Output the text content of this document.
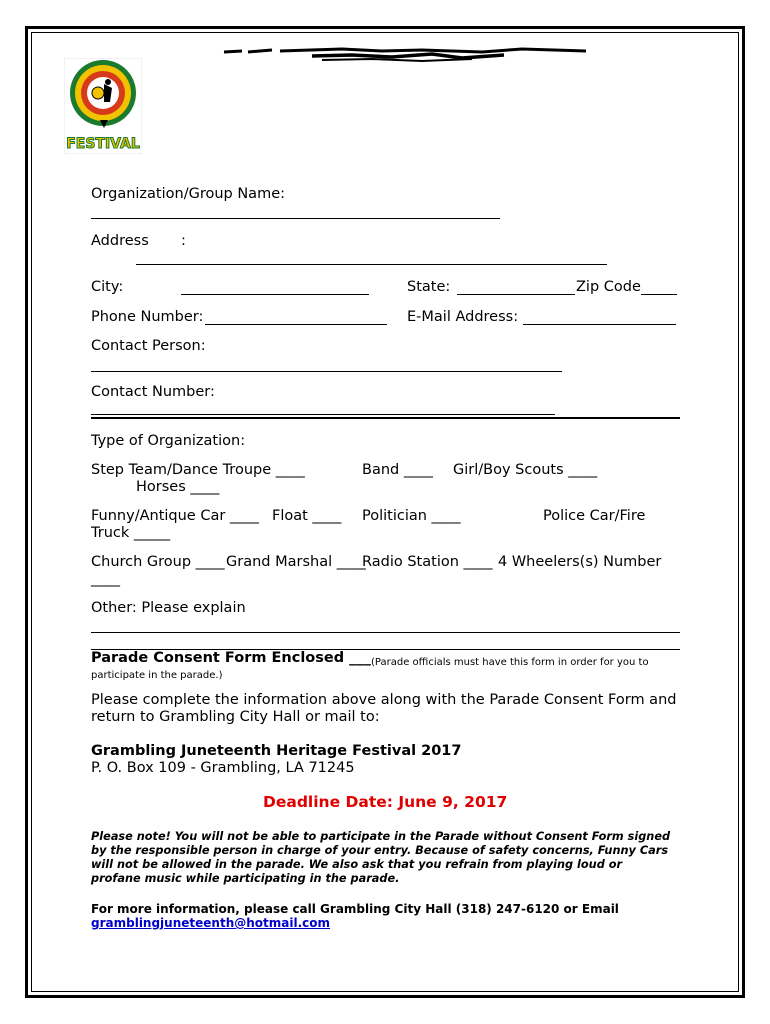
FESTIVAL
Organization/Group Name:
Address :
City:	State:	Zip Code
Phone Number:	E-Mail Address:
Contact Person:
Contact Number:
Type of Organization:
Step Team/Dance Troupe ____	Band ____ Girl/Boy Scouts ____
Horses ____
Funny/Antique Car ____ Float ____ Politician ____	Police Car/Fire
Truck _____
Church Group ____ Grand Marshal ____
Radio Station ____ 4 Wheelers(s) Number
____
Other: Please explain
Parade Consent Form Enclosed ___ (Parade officials must have this form in order for you to
participate in the parade.)
Please complete the information above along with the Parade Consent Form and
return to Grambling City Hall or mail to:
Grambling Juneteenth Heritage Festival 2017
P. O. Box 109 - Grambling, LA 71245
Deadline Date: June 9, 2017
Please note! You will not be able to participate in the Parade without Consent Form signed
by the responsible person in charge of your entry. Because of safety concerns, Funny Cars
will not be allowed in the parade. We also ask that you refrain from playing loud or
profane music while participating in the parade.
For more information, please call Grambling City Hall (318) 247-6120 or Email
gramblingjuneteenth@hotmail.com
